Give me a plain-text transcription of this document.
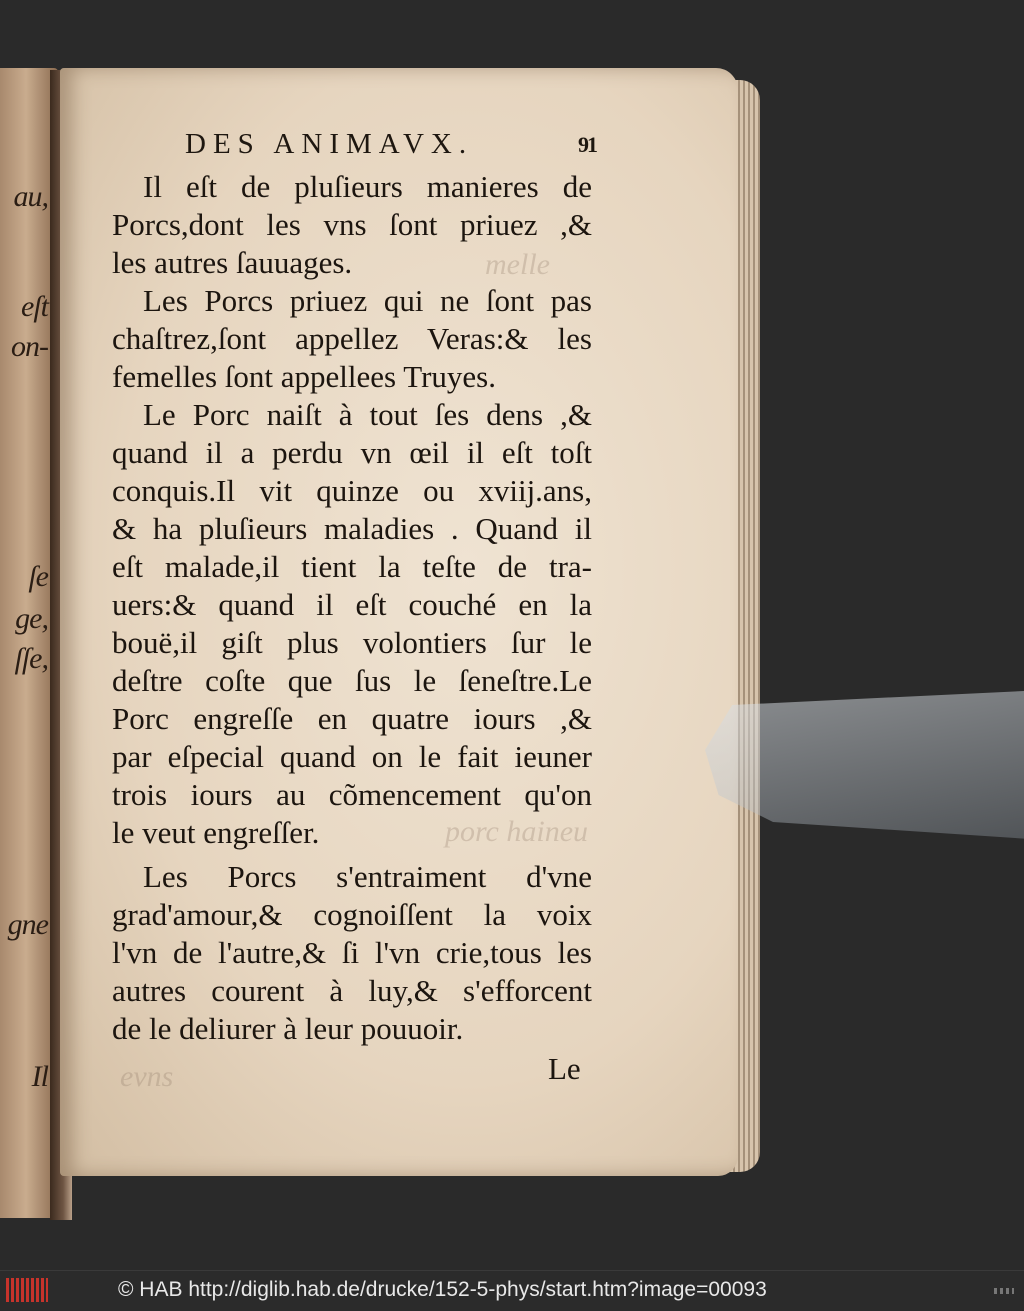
au,
eſt
on-
ſe
ge,
ſſe,
gne
Il
melle
porc haineu
evns
DES ANIMAVX.	91
Il eſt de pluſieurs manieres de
Porcs,dont les vns ſont priuez ,&
les autres ſauuages.
Les Porcs priuez qui ne ſont pas
chaſtrez,ſont appellez Veras:& les
femelles ſont appellees Truyes.
Le Porc naiſt à tout ſes dens ,&
quand il a perdu vn œil il eſt toſt
conquis.Il vit quinze ou xviij.ans,
& ha pluſieurs maladies . Quand il
eſt malade,il tient la teſte de tra-
uers:& quand il eſt couché en la
bouë,il giſt plus volontiers ſur le
deſtre coſte que ſus le ſeneſtre.Le
Porc engreſſe en quatre iours ,&
par eſpecial quand on le fait ieuner
trois iours au cõmencement qu'on
le veut engreſſer.
Les Porcs s'entraiment d'vne
grad'amour,& cognoiſſent la voix
l'vn de l'autre,& ſi l'vn crie,tous les
autres courent à luy,& s'efforcent
de le deliurer à leur pouuoir.
Le
© HAB http://diglib.hab.de/drucke/152-5-phys/start.htm?image=00093
